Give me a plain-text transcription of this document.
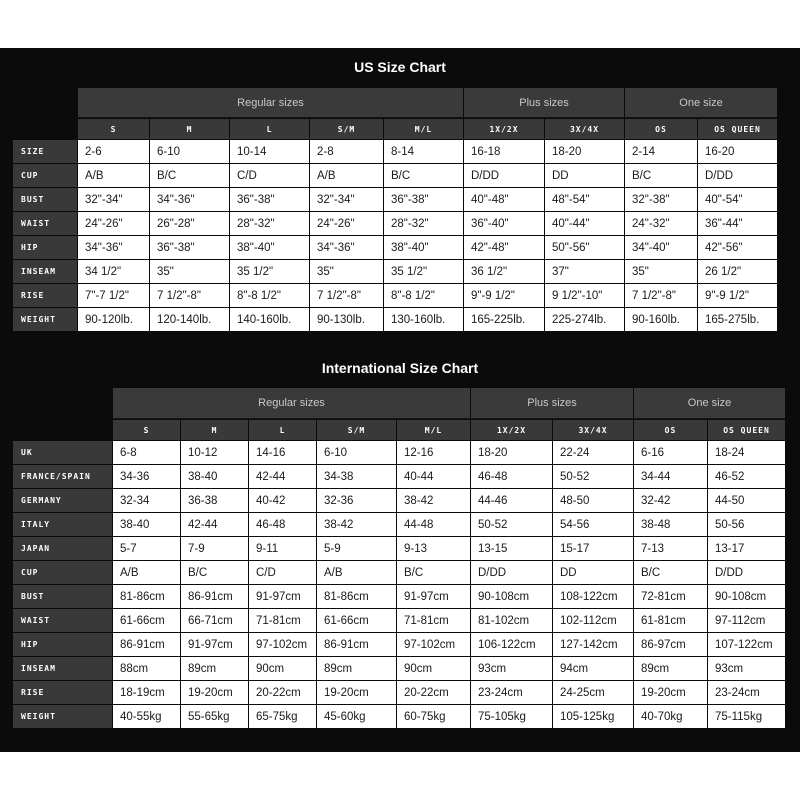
US Size Chart
	Regular sizes					Plus sizes		One size	
	S	M	L	S/M	M/L	1X/2X	3X/4X	OS	OS QUEEN
SIZE	2-6	6-10	10-14	2-8	8-14	16-18	18-20	2-14	16-20
CUP	A/B	B/C	C/D	A/B	B/C	D/DD	DD	B/C	D/DD
BUST	32"-34"	34"-36"	36"-38"	32"-34"	36"-38"	40"-48"	48"-54"	32"-38"	40"-54"
WAIST	24"-26"	26"-28"	28"-32"	24"-26"	28"-32"	36"-40"	40"-44"	24"-32"	36"-44"
HIP	34"-36"	36"-38"	38"-40"	34"-36"	38"-40"	42"-48"	50"-56"	34"-40"	42"-56"
INSEAM	34 1/2"	35"	35 1/2"	35"	35 1/2"	36 1/2"	37"	35"	26 1/2"
RISE	7"-7 1/2"	7 1/2"-8"	8"-8 1/2"	7 1/2"-8"	8"-8 1/2"	9"-9 1/2"	9 1/2"-10"	7 1/2"-8"	9"-9 1/2"
WEIGHT	90-120lb.	120-140lb.	140-160lb.	90-130lb.	130-160lb.	165-225lb.	225-274lb.	90-160lb.	165-275lb.
International Size Chart
	Regular sizes					Plus sizes		One size	
	S	M	L	S/M	M/L	1X/2X	3X/4X	OS	OS QUEEN
UK	6-8	10-12	14-16	6-10	12-16	18-20	22-24	6-16	18-24
FRANCE/SPAIN	34-36	38-40	42-44	34-38	40-44	46-48	50-52	34-44	46-52
GERMANY	32-34	36-38	40-42	32-36	38-42	44-46	48-50	32-42	44-50
ITALY	38-40	42-44	46-48	38-42	44-48	50-52	54-56	38-48	50-56
JAPAN	5-7	7-9	9-11	5-9	9-13	13-15	15-17	7-13	13-17
CUP	A/B	B/C	C/D	A/B	B/C	D/DD	DD	B/C	D/DD
BUST	81-86cm	86-91cm	91-97cm	81-86cm	91-97cm	90-108cm	108-122cm	72-81cm	90-108cm
WAIST	61-66cm	66-71cm	71-81cm	61-66cm	71-81cm	81-102cm	102-112cm	61-81cm	97-112cm
HIP	86-91cm	91-97cm	97-102cm	86-91cm	97-102cm	106-122cm	127-142cm	86-97cm	107-122cm
INSEAM	88cm	89cm	90cm	89cm	90cm	93cm	94cm	89cm	93cm
RISE	18-19cm	19-20cm	20-22cm	19-20cm	20-22cm	23-24cm	24-25cm	19-20cm	23-24cm
WEIGHT	40-55kg	55-65kg	65-75kg	45-60kg	60-75kg	75-105kg	105-125kg	40-70kg	75-115kg
